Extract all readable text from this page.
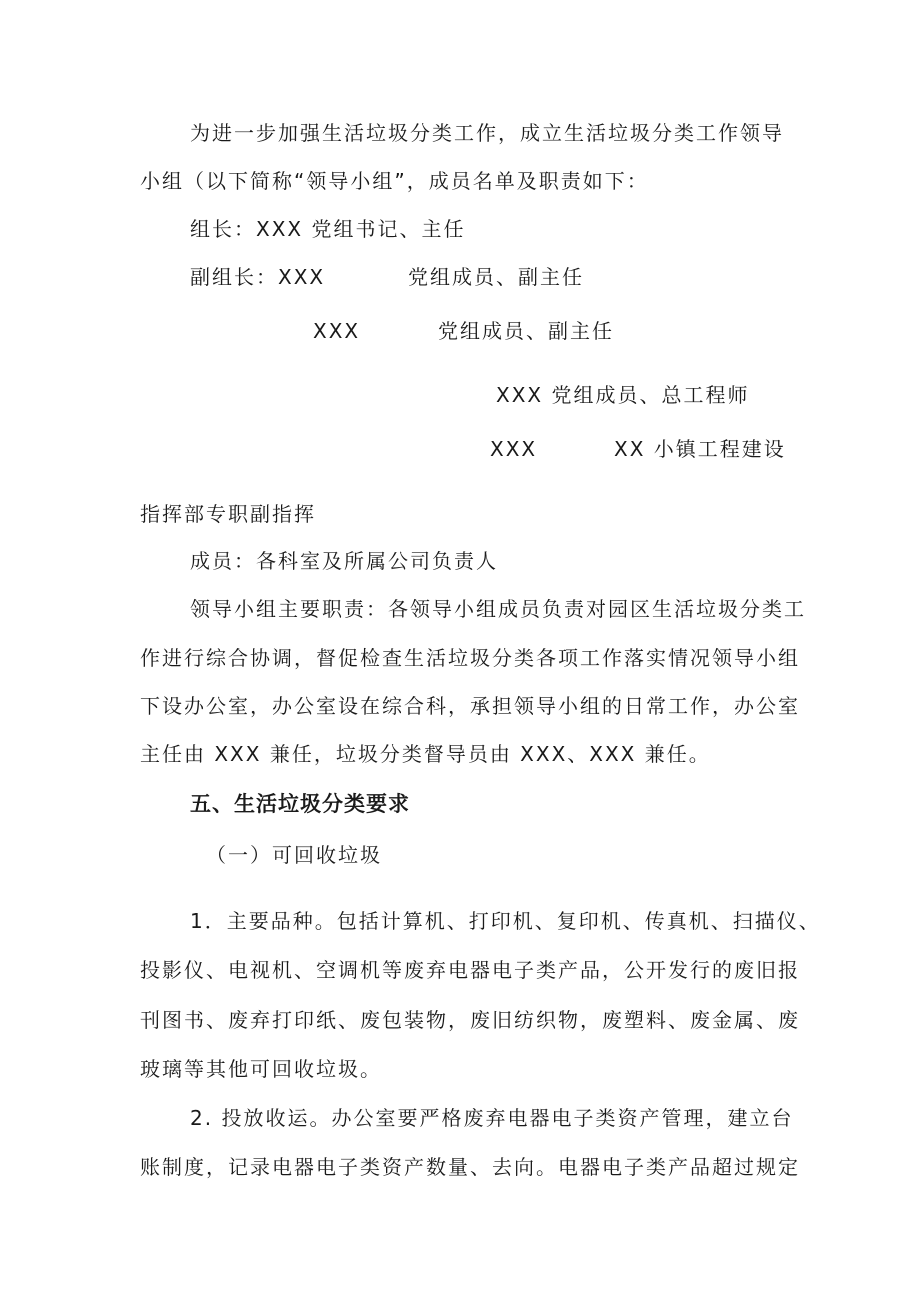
为进一步加强生活垃圾分类工作，成立生活垃圾分类工作领导
小组（以下简称“领导小组”，成员名单及职责如下：
组长：XXX 党组书记、主任
副组长：XXX	党组成员、副主任
XXX	党组成员、副主任
XXX 党组成员、总工程师
XXX	XX 小镇工程建设
指挥部专职副指挥
成员：各科室及所属公司负责人
领导小组主要职责：各领导小组成员负责对园区生活垃圾分类工
作进行综合协调，督促检查生活垃圾分类各项工作落实情况领导小组
下设办公室，办公室设在综合科，承担领导小组的日常工作，办公室
主任由 XXX 兼任，垃圾分类督导员由 XXX、XXX 兼任。
五、生活垃圾分类要求
（一）可回收垃圾
1．主要品种。包括计算机、打印机、复印机、传真机、扫描仪、
投影仪、电视机、空调机等废弃电器电子类产品，公开发行的废旧报
刊图书、废弃打印纸、废包装物，废旧纺织物，废塑料、废金属、废
玻璃等其他可回收垃圾。
2. 投放收运。办公室要严格废弃电器电子类资产管理，建立台
账制度，记录电器电子类资产数量、去向。电器电子类产品超过规定
